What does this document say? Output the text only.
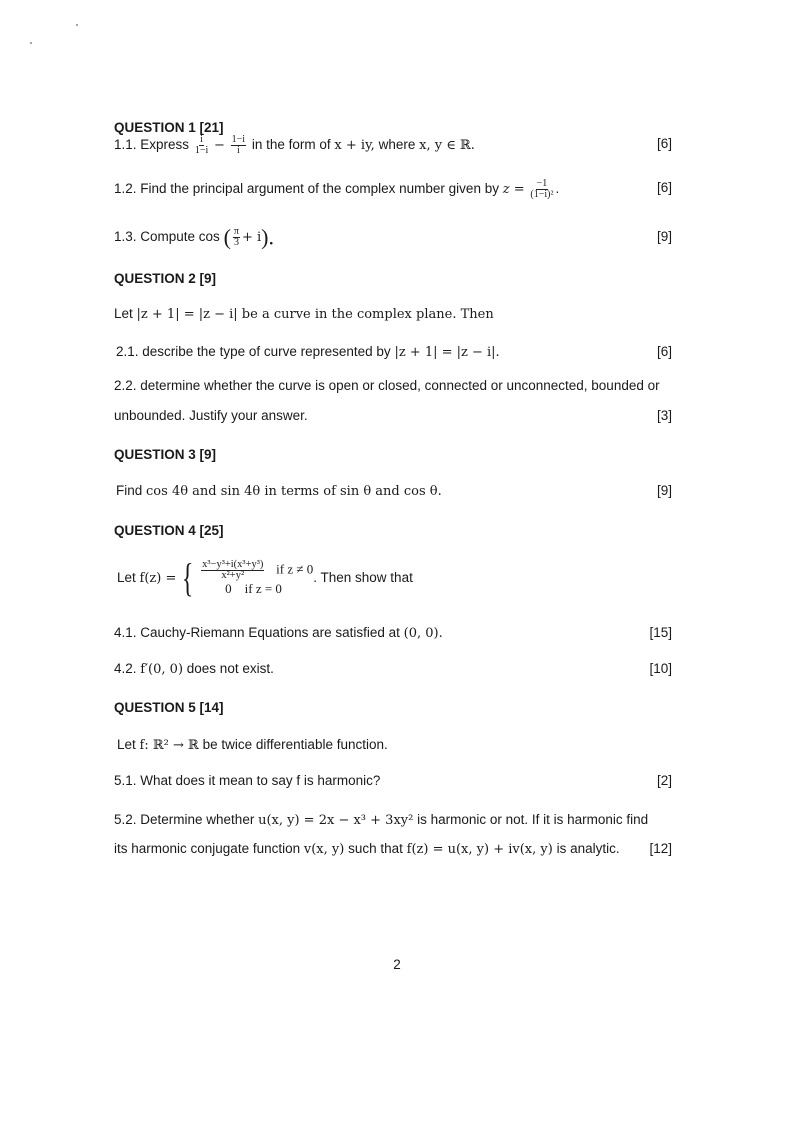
QUESTION 1 [21]
1.1. Express $\frac{i}{1-i} - \frac{1-i}{i}$ in the form of x + iy, where x, y ∈ ℝ.	[6]
1.2. Find the principal argument of the complex number given by $z = \frac{-1}{\text{(1−i)²}}$ .	[6]
1.3. Compute cos ( $\frac{\pi}{3} + i$).	[9]
QUESTION 2 [9]
Let |z + 1| = |z − i| be a curve in the complex plane. Then
2.1. describe the type of curve represented by |z + 1| = |z − i|.	[6]
2.2. determine whether the curve is open or closed, connected or unconnected, bounded or
unbounded. Justify your answer.	[3]
QUESTION 3 [9]
Find cos 4θ and sin 4θ in terms of sin θ and cos θ.	[9]
QUESTION 4 [25]
Let f(z) = { $\frac{\text{x³−y³+i(x³+y³)}}{\text{x²+y²}}$ if z ≠ 0
0 if z = 0
. Then show that
4.1. Cauchy-Riemann Equations are satisfied at (0, 0).	[15]
4.2. f′(0, 0) does not exist.	[10]
QUESTION 5 [14]
Let f: ℝ² → ℝ be twice differentiable function.
5.1. What does it mean to say f is harmonic?	[2]
5.2. Determine whether u(x, y) = 2x − x³ + 3xy² is harmonic or not. If it is harmonic find
its harmonic conjugate function v(x, y) such that f(z) = u(x, y) + iv(x, y) is analytic. [12]
2
